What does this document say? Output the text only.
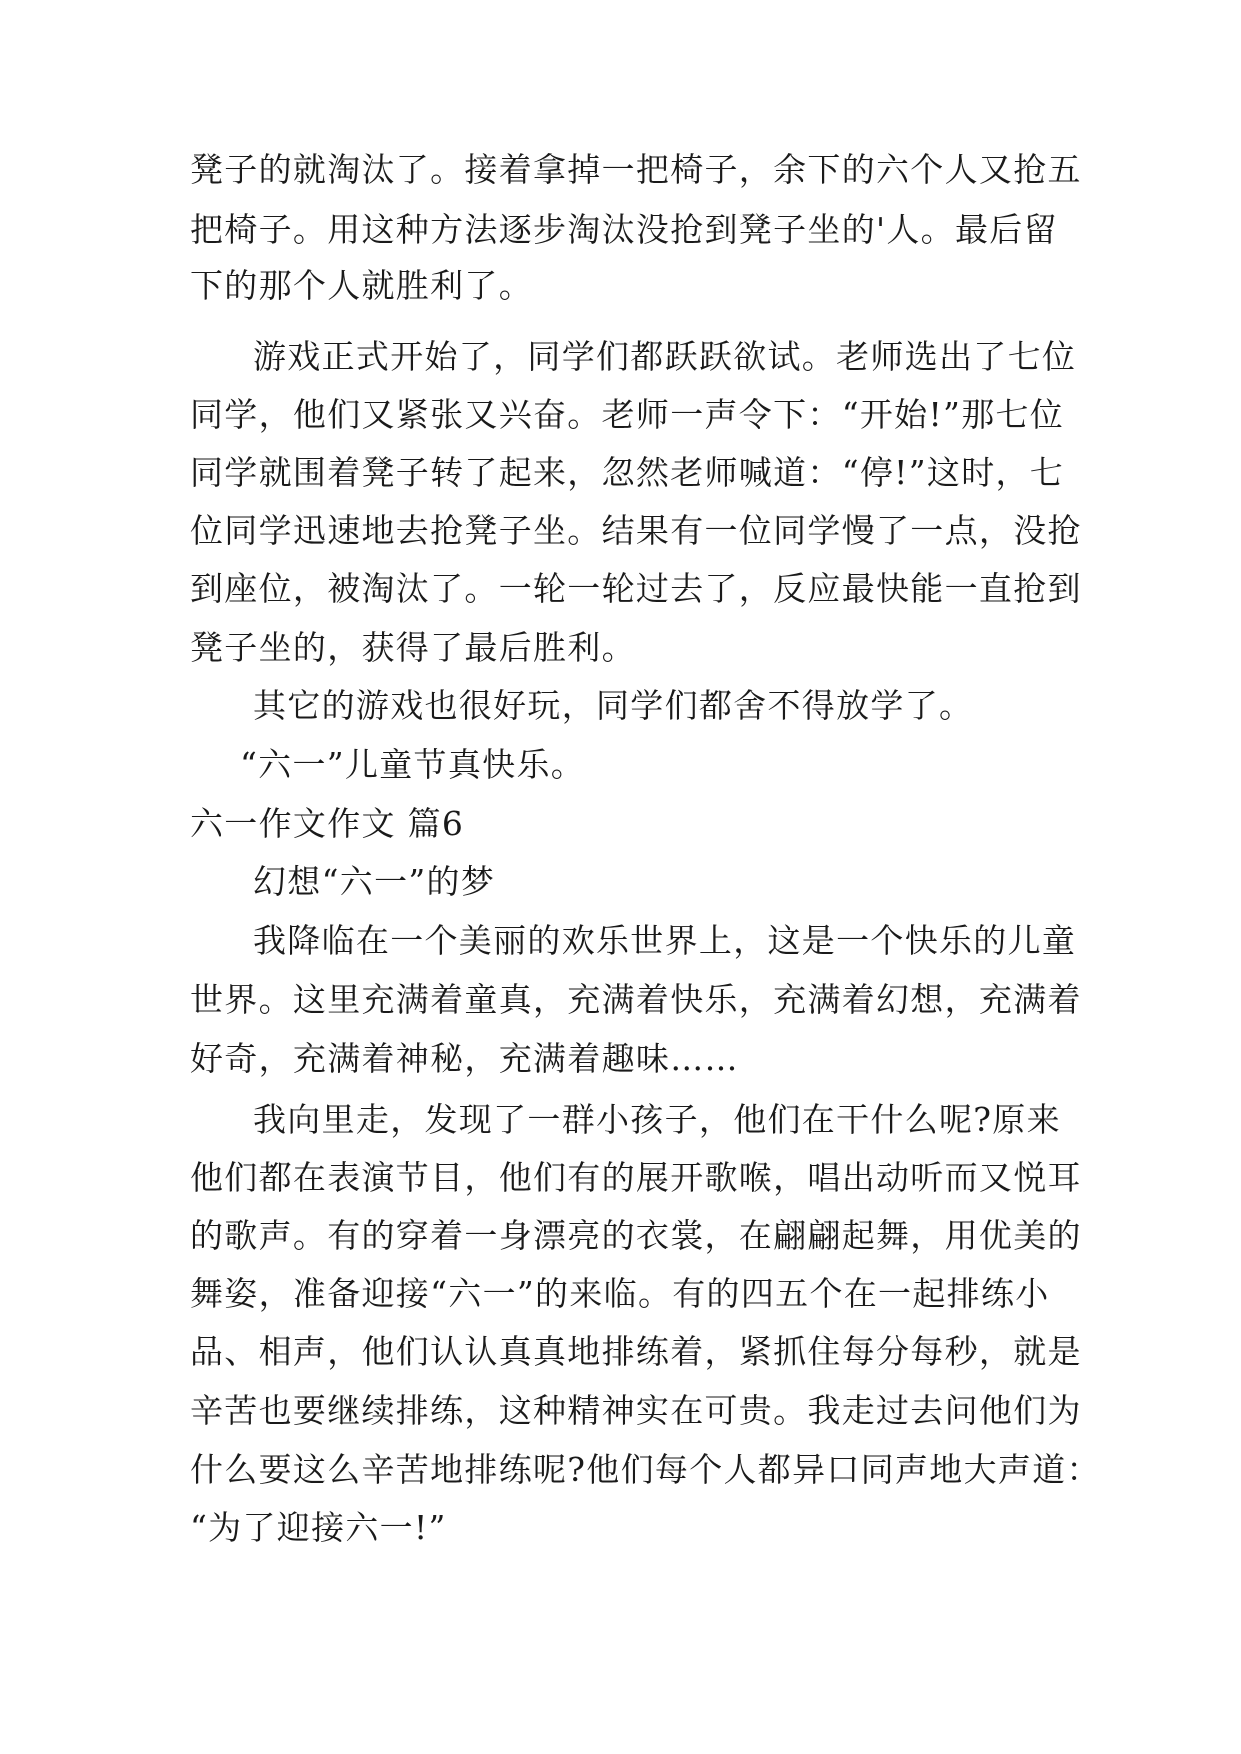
凳子的就淘汰了。接着拿掉一把椅子，余下的六个人又抢五
把椅子。用这种方法逐步淘汰没抢到凳子坐的'人。最后留
下的那个人就胜利了。
游戏正式开始了，同学们都跃跃欲试。老师选出了七位
同学，他们又紧张又兴奋。老师一声令下：“开始!”那七位
同学就围着凳子转了起来，忽然老师喊道：“停!”这时，七
位同学迅速地去抢凳子坐。结果有一位同学慢了一点，没抢
到座位，被淘汰了。一轮一轮过去了，反应最快能一直抢到
凳子坐的，获得了最后胜利。
其它的游戏也很好玩，同学们都舍不得放学了。
“六一”儿童节真快乐。
六一作文作文 篇6
幻想“六一”的梦
我降临在一个美丽的欢乐世界上，这是一个快乐的儿童
世界。这里充满着童真，充满着快乐，充满着幻想，充满着
好奇，充满着神秘，充满着趣味……
我向里走，发现了一群小孩子，他们在干什么呢?原来
他们都在表演节目，他们有的展开歌喉，唱出动听而又悦耳
的歌声。有的穿着一身漂亮的衣裳，在翩翩起舞，用优美的
舞姿，准备迎接“六一”的来临。有的四五个在一起排练小
品、相声，他们认认真真地排练着，紧抓住每分每秒，就是
辛苦也要继续排练，这种精神实在可贵。我走过去问他们为
什么要这么辛苦地排练呢?他们每个人都异口同声地大声道：
“为了迎接六一!”
